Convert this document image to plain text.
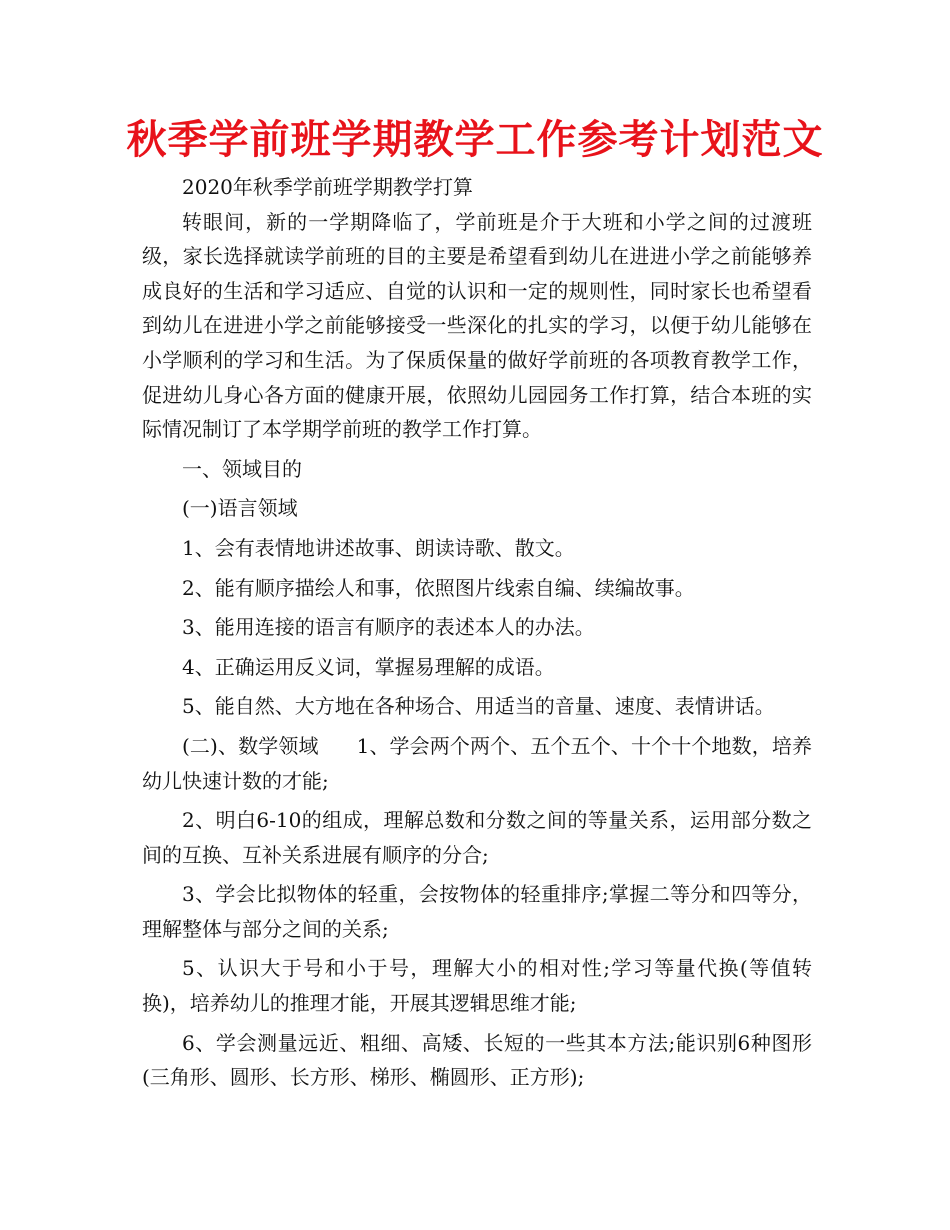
秋季学前班学期教学工作参考计划范文

2020年秋季学前班学期教学打算

转眼间，新的一学期降临了，学前班是介于大班和小学之间的过渡班级，家长选择就读学前班的目的主要是希望看到幼儿在进进小学之前能够养成良好的生活和学习适应、自觉的认识和一定的规则性，同时家长也希望看到幼儿在进进小学之前能够接受一些深化的扎实的学习，以便于幼儿能够在小学顺利的学习和生活。为了保质保量的做好学前班的各项教育教学工作，促进幼儿身心各方面的健康开展，依照幼儿园园务工作打算，结合本班的实际情况制订了本学期学前班的教学工作打算。

一、领域目的

(一)语言领域

1、会有表情地讲述故事、朗读诗歌、散文。

2、能有顺序描绘人和事，依照图片线索自编、续编故事。

3、能用连接的语言有顺序的表述本人的办法。

4、正确运用反义词，掌握易理解的成语。

5、能自然、大方地在各种场合、用适当的音量、速度、表情讲话。

(二)、数学领域 1、学会两个两个、五个五个、十个十个地数，培养幼儿快速计数的才能;

2、明白6-10的组成，理解总数和分数之间的等量关系，运用部分数之间的互换、互补关系进展有顺序的分合;

3、学会比拟物体的轻重，会按物体的轻重排序;掌握二等分和四等分，理解整体与部分之间的关系;

5、认识大于号和小于号，理解大小的相对性;学习等量代换(等值转换)，培养幼儿的推理才能，开展其逻辑思维才能;

6、学会测量远近、粗细、高矮、长短的一些其本方法;能识别6种图形(三角形、圆形、长方形、梯形、椭圆形、正方形);
